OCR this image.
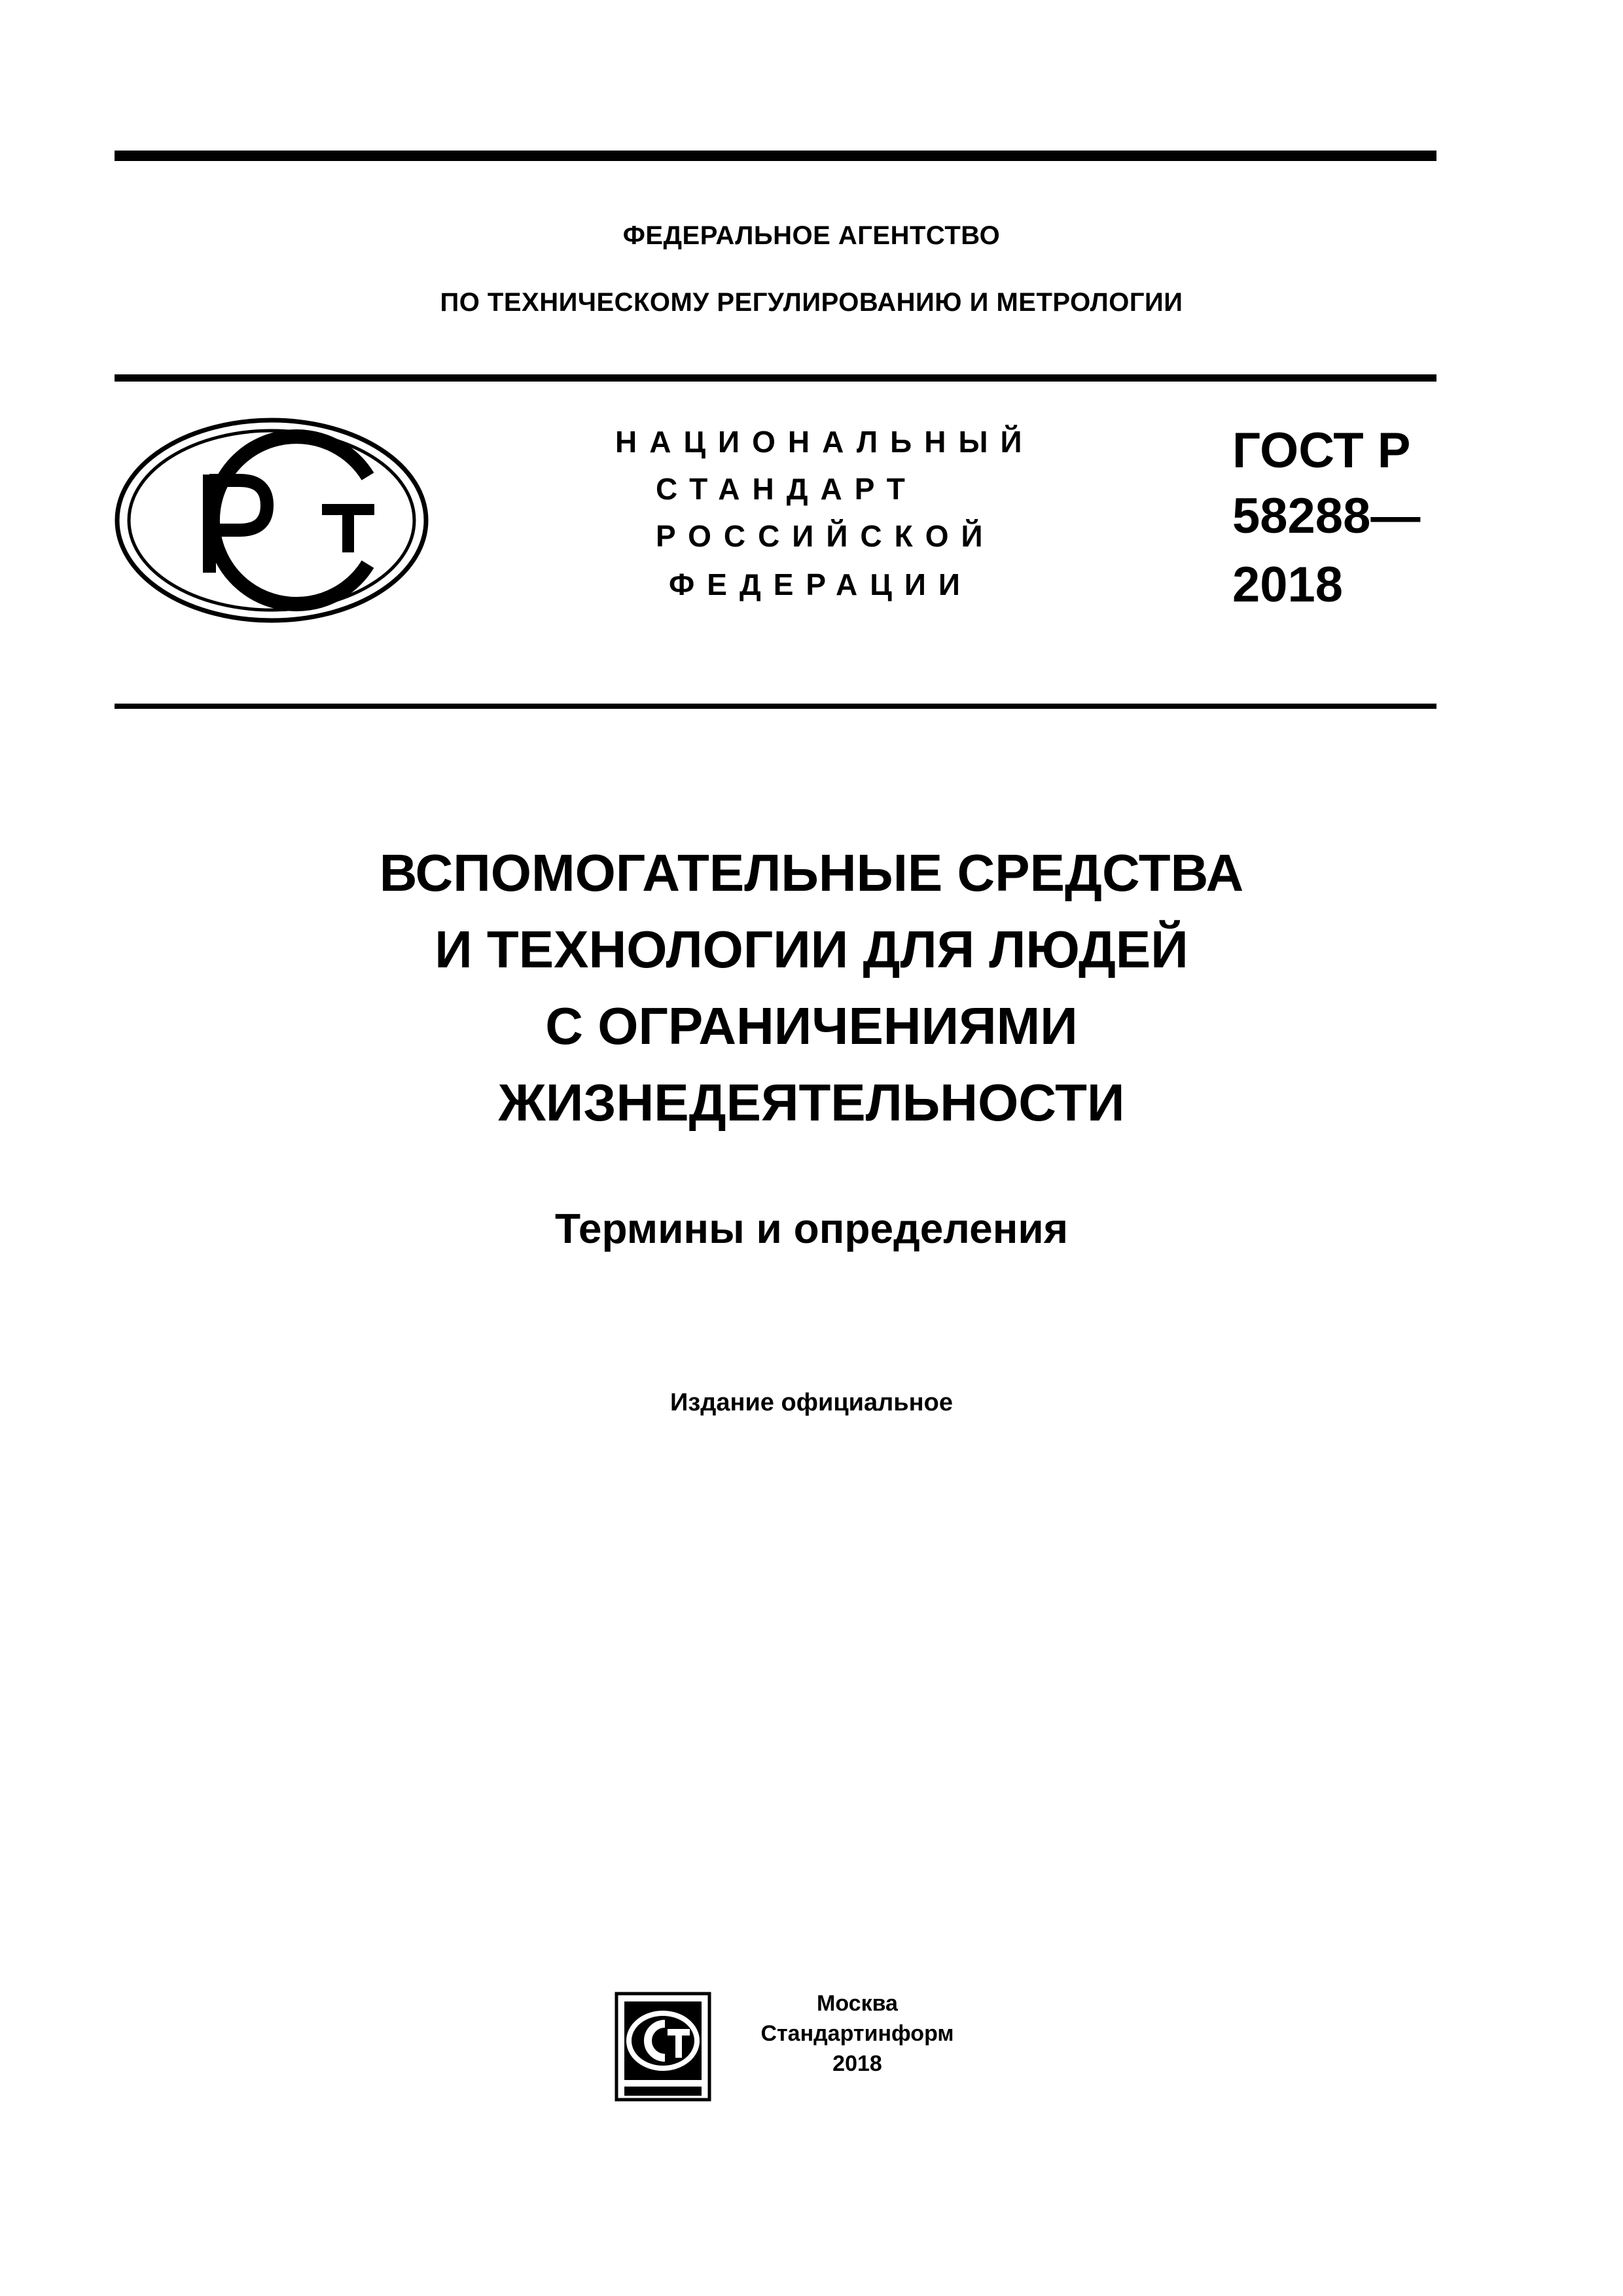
ФЕДЕРАЛЬНОЕ АГЕНТСТВО
ПО ТЕХНИЧЕСКОМУ РЕГУЛИРОВАНИЮ И МЕТРОЛОГИИ
НАЦИОНАЛЬНЫЙ
СТАНДАРТ
РОССИЙСКОЙ
ФЕДЕРАЦИИ
ГОСТ Р
58288—
2018
ВСПОМОГАТЕЛЬНЫЕ СРЕДСТВА
И ТЕХНОЛОГИИ ДЛЯ ЛЮДЕЙ
С ОГРАНИЧЕНИЯМИ
ЖИЗНЕДЕЯТЕЛЬНОСТИ
Термины и определения
Издание официальное
Москва
Стандартинформ
2018
